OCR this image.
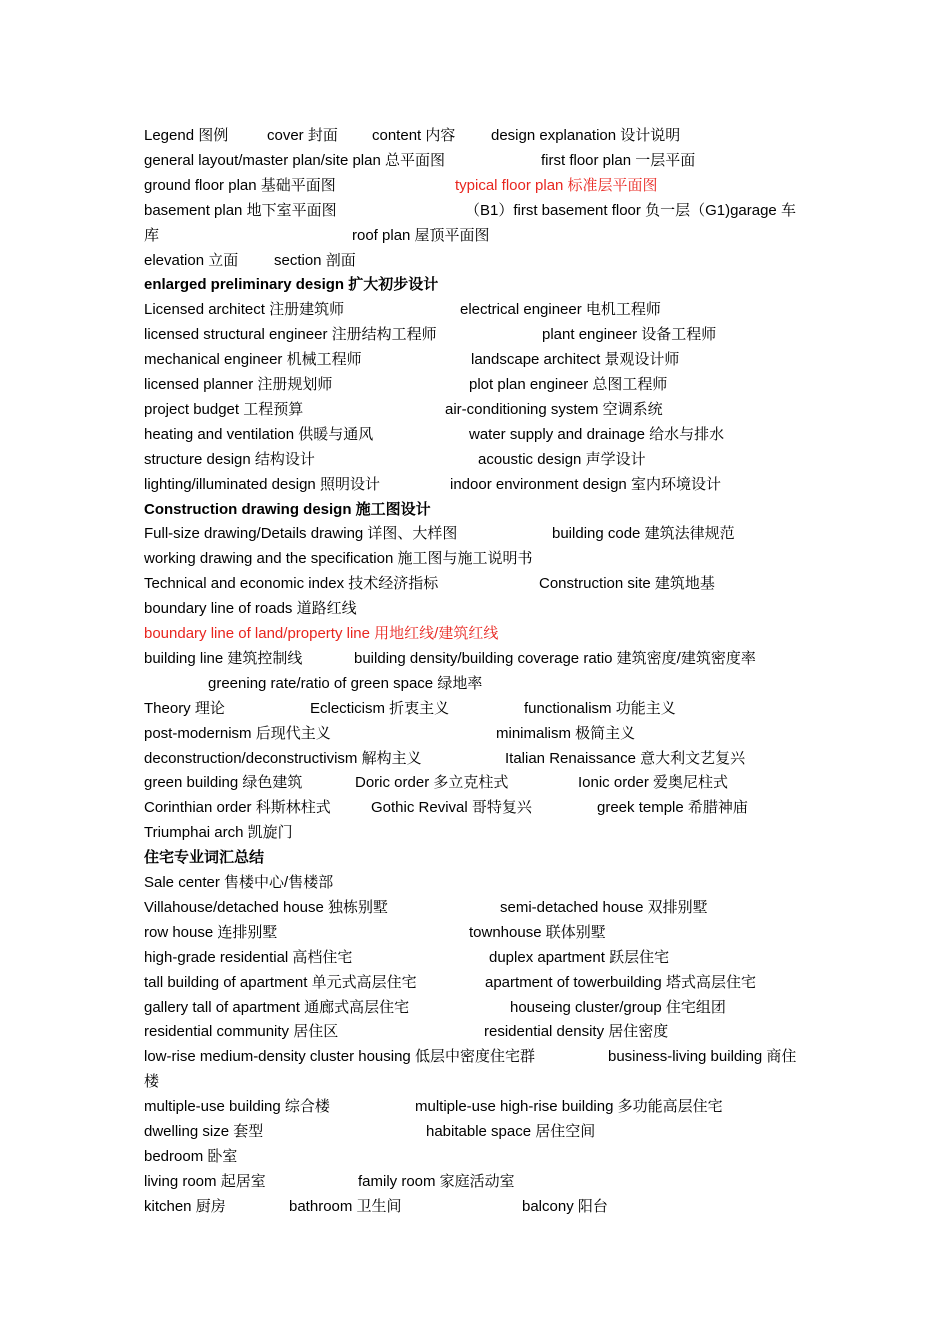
Legend 图例	cover 封面 content 内容 design explanation 设计说明
general layout/master plan/site plan 总平面图	first floor plan 一层平面
ground floor plan 基础平面图	typical floor plan 标准层平面图
basement plan 地下室平面图	（B1）first basement floor 负一层（G1)garage 车
库	roof plan 屋顶平面图
elevation 立面 section 剖面
enlarged preliminary design 扩大初步设计
Licensed architect 注册建筑师	electrical engineer 电机工程师
licensed structural engineer 注册结构工程师	plant engineer 设备工程师
mechanical engineer 机械工程师	landscape architect 景观设计师
licensed planner 注册规划师	plot plan engineer 总图工程师
project budget 工程预算	air-conditioning system 空调系统
heating and ventilation 供暖与通风	water supply and drainage 给水与排水
structure design 结构设计	acoustic design 声学设计
lighting/illuminated design 照明设计	indoor environment design 室内环境设计
Construction drawing design 施工图设计
Full-size drawing/Details drawing 详图、大样图	building code 建筑法律规范
working drawing and the specification 施工图与施工说明书
Technical and economic index 技术经济指标	Construction site 建筑地基
boundary line of roads 道路红线
boundary line of land/property line 用地红线/建筑红线
building line 建筑控制线	building density/building coverage ratio 建筑密度/建筑密度率
greening rate/ratio of green space 绿地率
Theory 理论	Eclecticism 折衷主义	functionalism 功能主义
post-modernism 后现代主义	minimalism 极简主义
deconstruction/deconstructivism 解构主义	Italian Renaissance 意大利文艺复兴
green building 绿色建筑	Doric order 多立克柱式	Ionic order 爱奥尼柱式
Corinthian order 科斯林柱式	Gothic Revival 哥特复兴	greek temple 希腊神庙
Triumphai arch 凯旋门
住宅专业词汇总结
Sale center 售楼中心/售楼部
Villahouse/detached house 独栋别墅	semi-detached house 双排别墅
row house 连排别墅	townhouse 联体别墅
high-grade residential 高档住宅	duplex apartment 跃层住宅
tall building of apartment 单元式高层住宅	apartment of towerbuilding 塔式高层住宅
gallery tall of apartment 通廊式高层住宅	houseing cluster/group 住宅组团
residential community 居住区	residential density 居住密度
low-rise medium-density cluster housing 低层中密度住宅群	business-living building 商住
楼
multiple-use building 综合楼	multiple-use high-rise building 多功能高层住宅
dwelling size 套型	habitable space 居住空间
bedroom 卧室
living room 起居室	family room 家庭活动室
kitchen 厨房	bathroom 卫生间	balcony 阳台
